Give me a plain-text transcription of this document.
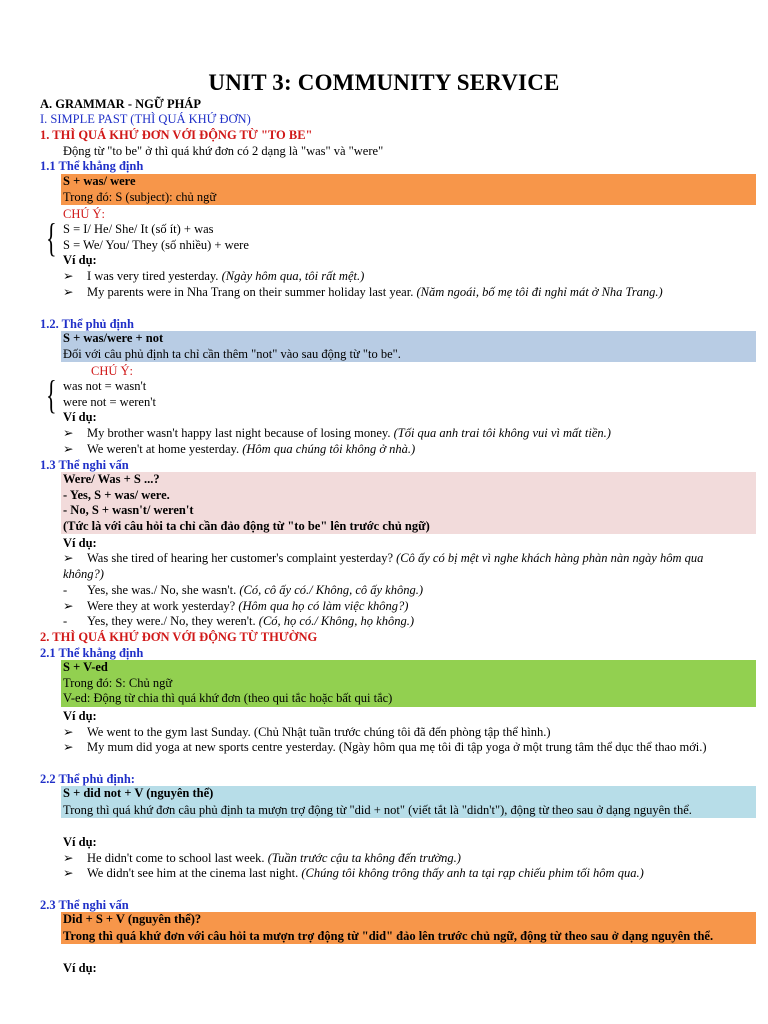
UNIT 3: COMMUNITY SERVICE
A. GRAMMAR - NGỮ PHÁP
I. SIMPLE PAST (THÌ QUÁ KHỨ ĐƠN)
1. THÌ QUÁ KHỨ ĐƠN VỚI ĐỘNG TỪ "TO BE"
Động từ "to be" ở thì quá khứ đơn có 2 dạng là "was" và "were"
1.1 Thể khẳng định
S + was/ were
Trong đó: S (subject): chủ ngữ
CHÚ Ý:
{ S = I/ He/ She/ It (số ít) + was
S = We/ You/ They (số nhiều) + were
Ví dụ:
➢ I was very tired yesterday. (Ngày hôm qua, tôi rất mệt.)
➢ My parents were in Nha Trang on their summer holiday last year. (Năm ngoái, bố mẹ tôi đi nghỉ mát ở Nha Trang.)
1.2. Thể phủ định
S + was/were + not
Đối với câu phủ định ta chỉ cần thêm "not" vào sau động từ "to be".
CHÚ Ý:
{ was not = wasn't
were not = weren't
Ví dụ:
➢ My brother wasn't happy last night because of losing money. (Tối qua anh trai tôi không vui vì mất tiền.)
➢ We weren't at home yesterday. (Hôm qua chúng tôi không ở nhà.)
1.3 Thể nghi vấn
Were/ Was + S ...?
- Yes, S + was/ were.
- No, S + wasn't/ weren't
(Tức là với câu hỏi ta chỉ cần đảo động từ "to be" lên trước chủ ngữ)
Ví dụ:
➢ Was she tired of hearing her customer's complaint yesterday? (Cô ấy có bị mệt vì nghe khách hàng phàn nàn ngày hôm qua không?)
- Yes, she was./ No, she wasn't. (Có, cô ấy có./ Không, cô ấy không.)
➢ Were they at work yesterday? (Hôm qua họ có làm việc không?)
- Yes, they were./ No, they weren't. (Có, họ có./ Không, họ không.)
2. THÌ QUÁ KHỨ ĐƠN VỚI ĐỘNG TỪ THƯỜNG
2.1 Thể khẳng định
S + V-ed
Trong đó: S: Chủ ngữ
V-ed: Động từ chia thì quá khứ đơn (theo qui tắc hoặc bất qui tắc)
Ví dụ:
➢ We went to the gym last Sunday. (Chủ Nhật tuần trước chúng tôi đã đến phòng tập thể hình.)
➢ My mum did yoga at new sports centre yesterday. (Ngày hôm qua mẹ tôi đi tập yoga ở một trung tâm thể dục thể thao mới.)
2.2 Thể phủ định:
S + did not + V (nguyên thể)
Trong thì quá khứ đơn câu phủ định ta mượn trợ động từ "did + not" (viết tắt là "didn't"), động từ theo sau ở dạng nguyên thể.
Ví dụ:
➢ He didn't come to school last week. (Tuần trước cậu ta không đến trường.)
➢ We didn't see him at the cinema last night. (Chúng tôi không trông thấy anh ta tại rạp chiếu phim tối hôm qua.)
2.3 Thể nghi vấn
Did + S + V (nguyên thể)?
Trong thì quá khứ đơn với câu hỏi ta mượn trợ động từ "did" đảo lên trước chủ ngữ, động từ theo sau ở dạng nguyên thể.
Ví dụ:
